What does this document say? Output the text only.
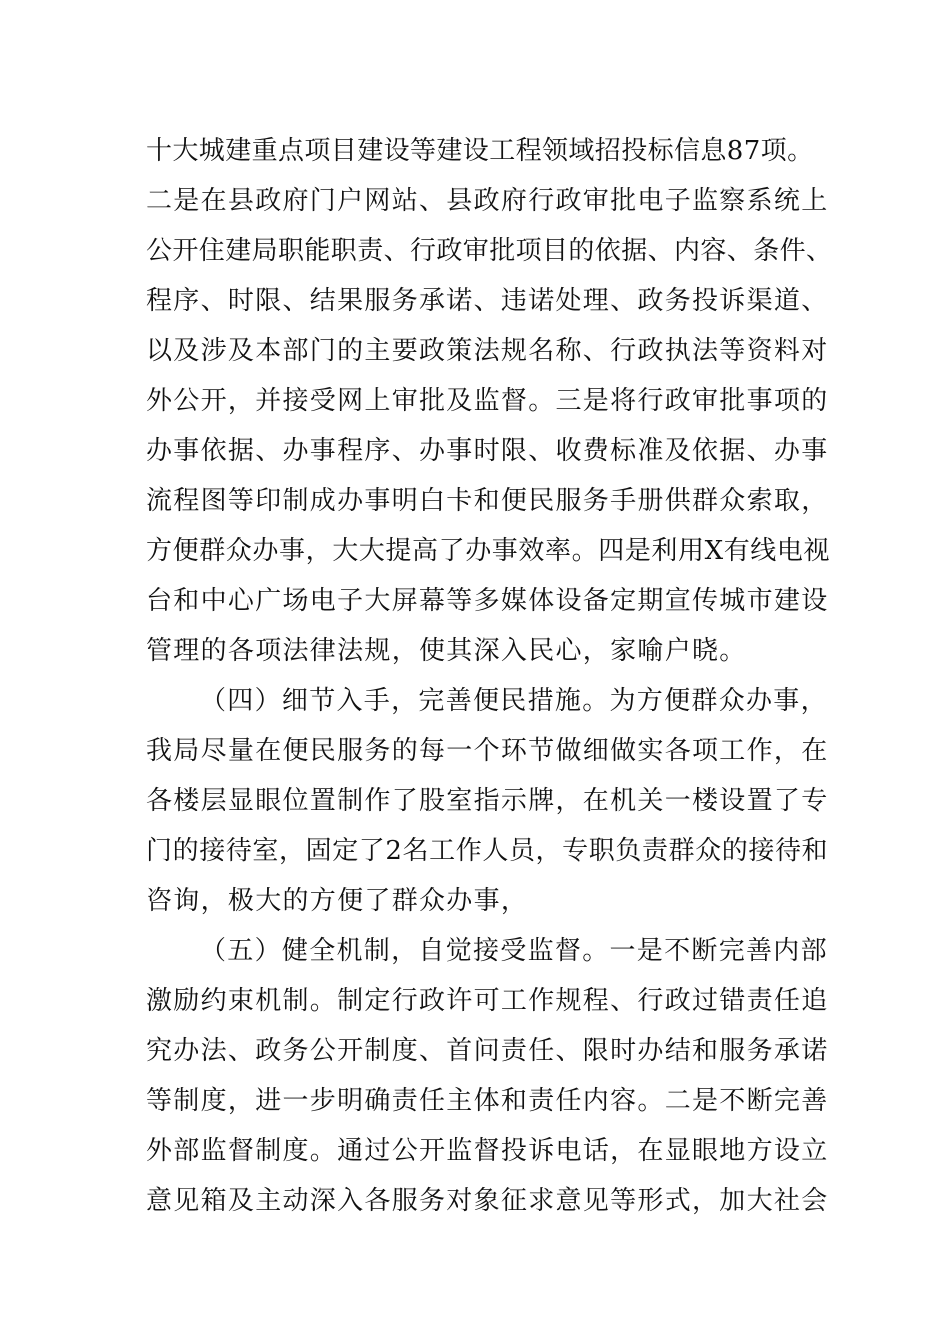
十大城建重点项目建设等建设工程领域招投标信息87项。
二是在县政府门户网站、县政府行政审批电子监察系统上
公开住建局职能职责、行政审批项目的依据、内容、条件、
程序、时限、结果服务承诺、违诺处理、政务投诉渠道、
以及涉及本部门的主要政策法规名称、行政执法等资料对
外公开，并接受网上审批及监督。三是将行政审批事项的
办事依据、办事程序、办事时限、收费标准及依据、办事
流程图等印制成办事明白卡和便民服务手册供群众索取，
方便群众办事，大大提高了办事效率。四是利用X有线电视
台和中心广场电子大屏幕等多媒体设备定期宣传城市建设
管理的各项法律法规，使其深入民心，家喻户晓。
（四）细节入手，完善便民措施。为方便群众办事，
我局尽量在便民服务的每一个环节做细做实各项工作，在
各楼层显眼位置制作了股室指示牌，在机关一楼设置了专
门的接待室，固定了2名工作人员，专职负责群众的接待和
咨询，极大的方便了群众办事，
（五）健全机制，自觉接受监督。一是不断完善内部
激励约束机制。制定行政许可工作规程、行政过错责任追
究办法、政务公开制度、首问责任、限时办结和服务承诺
等制度，进一步明确责任主体和责任内容。二是不断完善
外部监督制度。通过公开监督投诉电话，在显眼地方设立
意见箱及主动深入各服务对象征求意见等形式，加大社会
